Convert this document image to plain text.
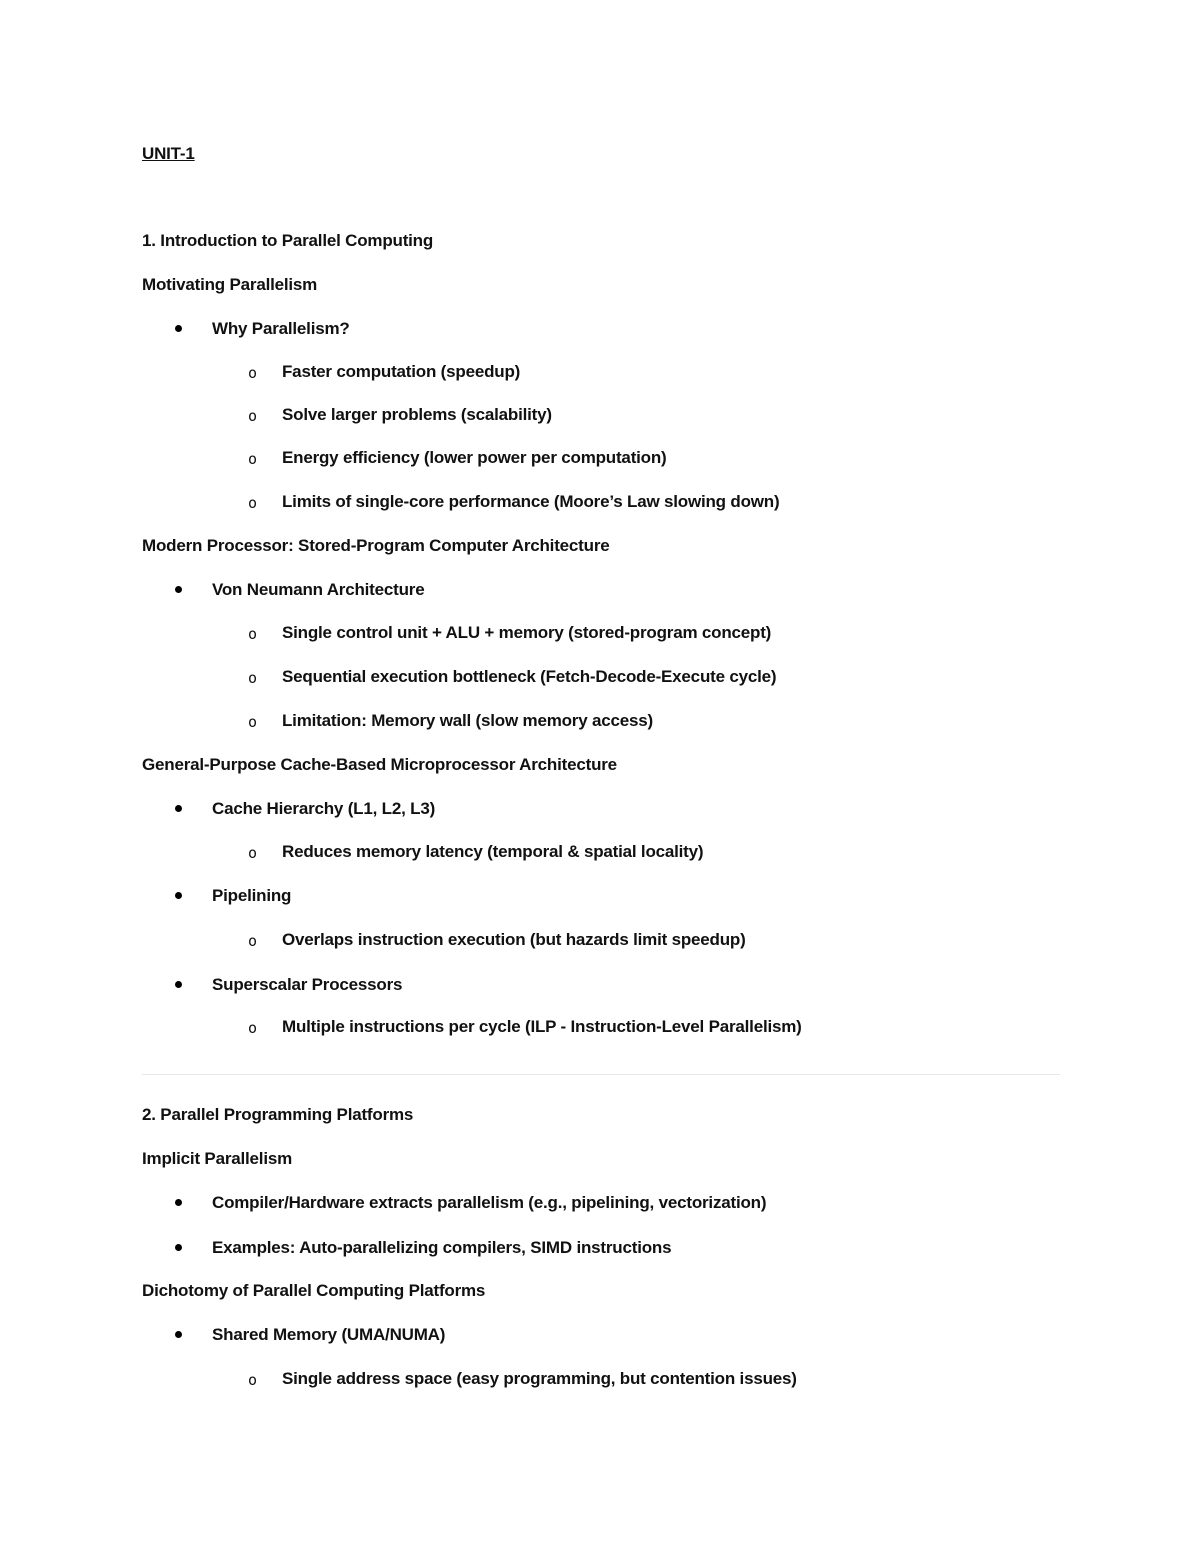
UNIT-1
1. Introduction to Parallel Computing
Motivating Parallelism
Why Parallelism?
o Faster computation (speedup)
o Solve larger problems (scalability)
o Energy efficiency (lower power per computation)
o Limits of single-core performance (Moore’s Law slowing down)
Modern Processor: Stored-Program Computer Architecture
Von Neumann Architecture
o Single control unit + ALU + memory (stored-program concept)
o Sequential execution bottleneck (Fetch-Decode-Execute cycle)
o Limitation: Memory wall (slow memory access)
General-Purpose Cache-Based Microprocessor Architecture
Cache Hierarchy (L1, L2, L3)
o Reduces memory latency (temporal & spatial locality)
Pipelining
o Overlaps instruction execution (but hazards limit speedup)
Superscalar Processors
o Multiple instructions per cycle (ILP - Instruction-Level Parallelism)
2. Parallel Programming Platforms
Implicit Parallelism
Compiler/Hardware extracts parallelism (e.g., pipelining, vectorization)
Examples: Auto-parallelizing compilers, SIMD instructions
Dichotomy of Parallel Computing Platforms
Shared Memory (UMA/NUMA)
o Single address space (easy programming, but contention issues)
